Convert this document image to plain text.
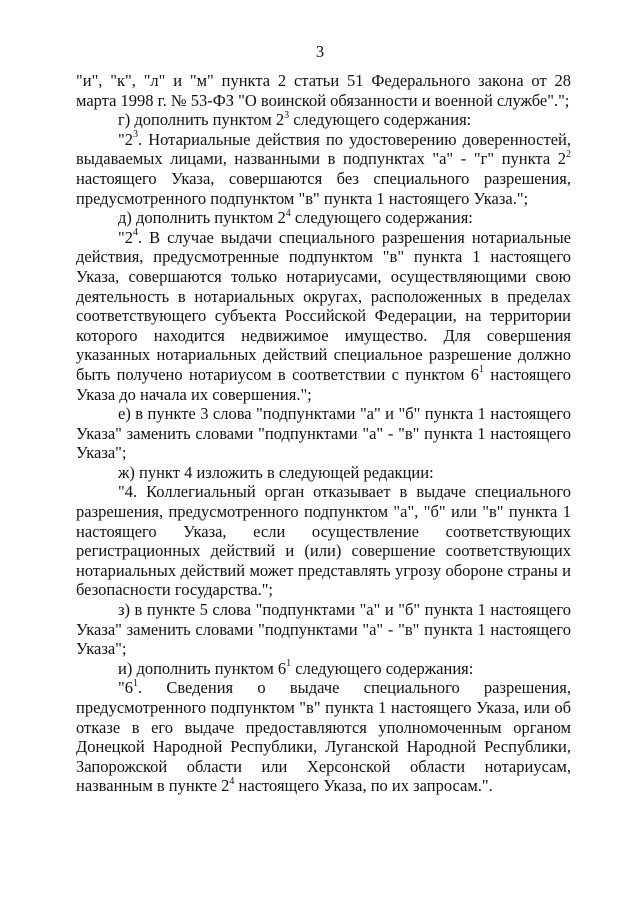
3

"и", "к", "л" и "м" пункта 2 статьи 51 Федерального закона от 28 марта 1998 г. № 53-ФЗ "О воинской обязанности и военной службе".";

г) дополнить пунктом $2^3$ следующего содержания:

"$2^3$. Нотариальные действия по удостоверению доверенностей, выдаваемых лицами, названными в подпунктах "а" - "г" пункта $2^2$ настоящего Указа, совершаются без специального разрешения, предусмотренного подпунктом "в" пункта 1 настоящего Указа.";

д) дополнить пунктом $2^4$ следующего содержания:

"$2^4$. В случае выдачи специального разрешения нотариальные действия, предусмотренные подпунктом "в" пункта 1 настоящего Указа, совершаются только нотариусами, осуществляющими свою деятельность в нотариальных округах, расположенных в пределах соответствующего субъекта Российской Федерации, на территории которого находится недвижимое имущество. Для совершения указанных нотариальных действий специальное разрешение должно быть получено нотариусом в соответствии с пунктом $6^1$ настоящего Указа до начала их совершения.";

е) в пункте 3 слова "подпунктами "а" и "б" пункта 1 настоящего Указа" заменить словами "подпунктами "а" - "в" пункта 1 настоящего Указа";

ж) пункт 4 изложить в следующей редакции:

"4. Коллегиальный орган отказывает в выдаче специального разрешения, предусмотренного подпунктом "а", "б" или "в" пункта 1 настоящего Указа, если осуществление соответствующих регистрационных действий и (или) совершение соответствующих нотариальных действий может представлять угрозу обороне страны и безопасности государства.";

з) в пункте 5 слова "подпунктами "а" и "б" пункта 1 настоящего Указа" заменить словами "подпунктами "а" - "в" пункта 1 настоящего Указа";

и) дополнить пунктом $6^1$ следующего содержания:

"$6^1$. Сведения о выдаче специального разрешения, предусмотренного подпунктом "в" пункта 1 настоящего Указа, или об отказе в его выдаче предоставляются уполномоченным органом Донецкой Народной Республики, Луганской Народной Республики, Запорожской области или Херсонской области нотариусам, названным в пункте $2^4$ настоящего Указа, по их запросам.".
